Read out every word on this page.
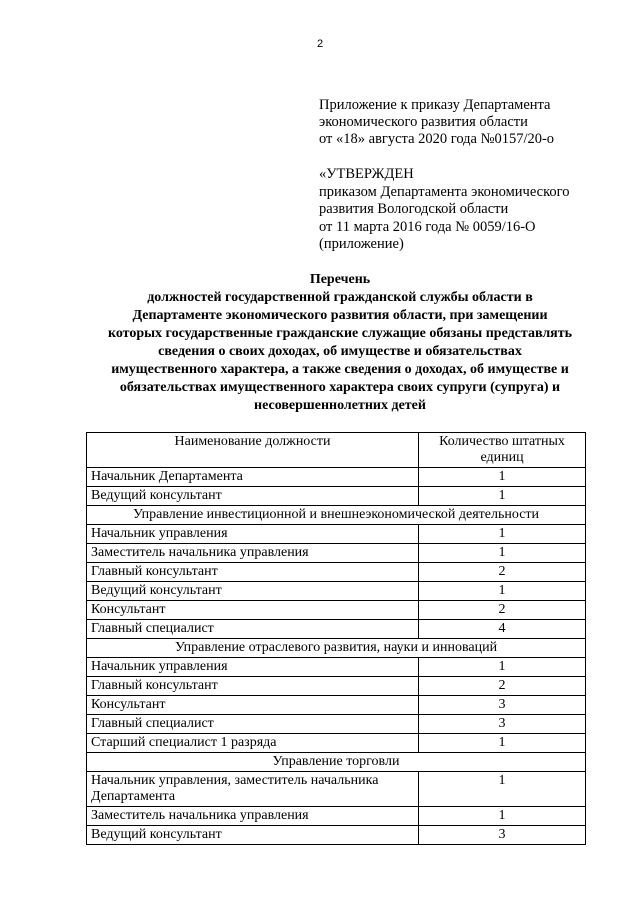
2
Приложение к приказу Департамента
экономического развития области
от «18» августа 2020 года №0157/20-о
«УТВЕРЖДЕН
приказом Департамента экономического
развития Вологодской области
от 11 марта 2016 года № 0059/16-О
(приложение)
Перечень
должностей государственной гражданской службы области в
Департаменте экономического развития области, при замещении
которых государственные гражданские служащие обязаны представлять
сведения о своих доходах, об имуществе и обязательствах
имущественного характера, а также сведения о доходах, об имуществе и
обязательствах имущественного характера своих супруги (супруга) и
несовершеннолетних детей
Наименование должности	Количество штатных единиц
Начальник Департамента	1
Ведущий консультант	1
Управление инвестиционной и внешнеэкономической деятельности	
Начальник управления	1
Заместитель начальника управления	1
Главный консультант	2
Ведущий консультант	1
Консультант	2
Главный специалист	4
Управление отраслевого развития, науки и инноваций	
Начальник управления	1
Главный консультант	2
Консультант	3
Главный специалист	3
Старший специалист 1 разряда	1
Управление торговли	
Начальник управления, заместитель начальника Департамента	1
Заместитель начальника управления	1
Ведущий консультант	3
